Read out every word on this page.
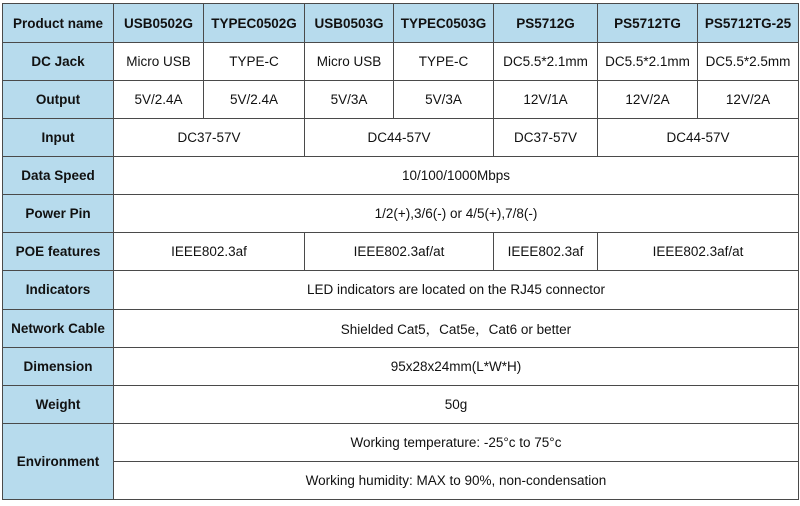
Product name	USB0502G	TYPEC0502G	USB0503G	TYPEC0503G	PS5712G	PS5712TG	PS5712TG-25
DC Jack	Micro USB	TYPE-C	Micro USB	TYPE-C	DC5.5*2.1mm	DC5.5*2.1mm	DC5.5*2.5mm
Output	5V/2.4A	5V/2.4A	5V/3A	5V/3A	12V/1A	12V/2A	12V/2A
Input	DC37-57V		DC44-57V		DC37-57V	DC44-57V	
Data Speed	10/100/1000Mbps						
Power Pin	1/2(+),3/6(-) or 4/5(+),7/8(-)						
POE features	IEEE802.3af		IEEE802.3af/at		IEEE802.3af	IEEE802.3af/at	
Indicators	LED indicators are located on the RJ45 connector						
Network Cable	Shielded Cat5，Cat5e，Cat6 or better						
Dimension	95x28x24mm(L*W*H)						
Weight	50g						
Environment	Working temperature: -25°c to 75°c						
	Working humidity: MAX to 90%, non-condensation						
